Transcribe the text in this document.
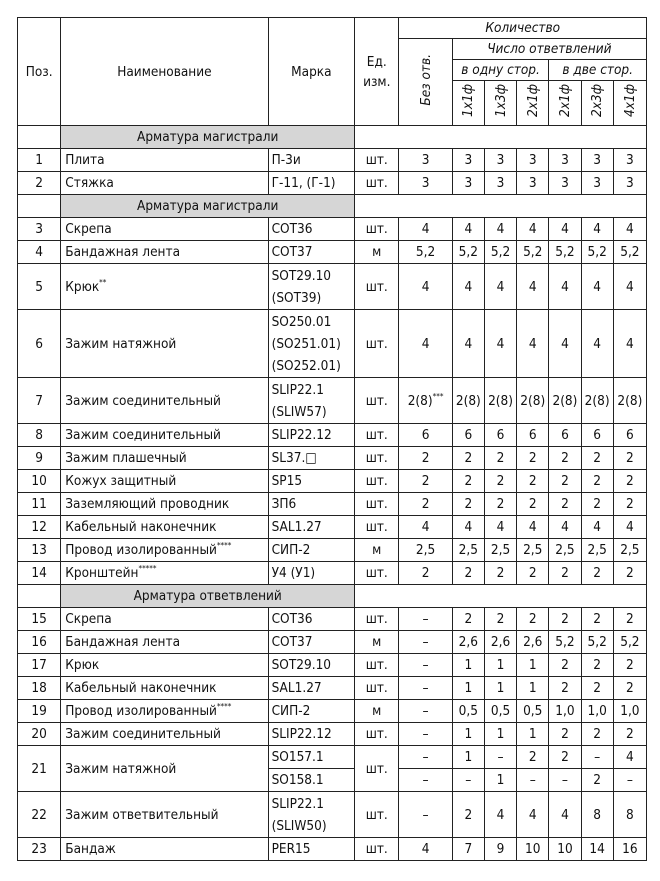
Поз.	Наименование	Марка	Ед. изм.	Количество						
				Без отв.	Число ответвлений					
					в одну стор.			в две стор.		
					1x1ф	1x3ф	2x1ф	2x1ф	2x3ф	4x1ф
	Арматура магистрали									
1	Плита	П-3и	шт.	3	3	3	3	3	3	3
2	Стяжка	Г-11, (Г-1)	шт.	3	3	3	3	3	3	3
	Арматура магистрали									
3	Скрепа	COT36	шт.	4	4	4	4	4	4	4
4	Бандажная лента	COT37	м	5,2	5,2	5,2	5,2	5,2	5,2	5,2
5	Крюк**	SOT29.10
(SOT39)	шт.	4	4	4	4	4	4	4
6	Зажим натяжной	SO250.01
(SO251.01)
(SO252.01)	шт.	4	4	4	4	4	4	4
7	Зажим соединительный	SLIP22.1
(SLIW57)	шт.	2(8)***	2(8)	2(8)	2(8)	2(8)	2(8)	2(8)
8	Зажим соединительный	SLIP22.12	шт.	6	6	6	6	6	6	6
9	Зажим плашечный	SL37.□	шт.	2	2	2	2	2	2	2
10	Кожух защитный	SP15	шт.	2	2	2	2	2	2	2
11	Заземляющий проводник	ЗП6	шт.	2	2	2	2	2	2	2
12	Кабельный наконечник	SAL1.27	шт.	4	4	4	4	4	4	4
13	Провод изолированный****	СИП-2	м	2,5	2,5	2,5	2,5	2,5	2,5	2,5
14	Кронштейн*****	У4 (У1)	шт.	2	2	2	2	2	2	2
	Арматура ответвлений									
15	Скрепа	COT36	шт.	–	2	2	2	2	2	2
16	Бандажная лента	COT37	м	–	2,6	2,6	2,6	5,2	5,2	5,2
17	Крюк	SOT29.10	шт.	–	1	1	1	2	2	2
18	Кабельный наконечник	SAL1.27	шт.	–	1	1	1	2	2	2
19	Провод изолированный****	СИП-2	м	–	0,5	0,5	0,5	1,0	1,0	1,0
20	Зажим соединительный	SLIP22.12	шт.	–	1	1	1	2	2	2
21	Зажим натяжной	SO157.1	шт.	–	1	–	2	2	–	4
		SO158.1		–	–	1	–	–	2	–
22	Зажим ответвительный	SLIP22.1
(SLIW50)	шт.	–	2	4	4	4	8	8
23	Бандаж	PER15	шт.	4	7	9	10	10	14	16
